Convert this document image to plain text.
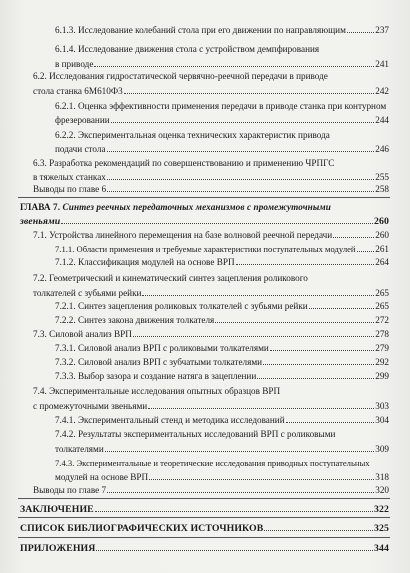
6.1.3. Исследование колебаний стола при его движении по направляющим	237
6.1.4. Исследование движения стола с устройством демпфирования
в приводе	241
6.2. Исследования гидростатической червячно-реечной передачи в приводе
стола станка 6М610Ф3	242
6.2.1. Оценка эффективности применения передачи в приводе станка при контурном
фрезеровании	244
6.2.2. Экспериментальная оценка технических характеристик привода
подачи стола	246
6.3. Разработка рекомендаций по совершенствованию и применению ЧРПГС
в тяжелых станках	255
Выводы по главе 6	258
ГЛАВА 7. Синтез реечных передаточных механизмов с промежуточными
звеньями	260
7.1. Устройства линейного перемещения на базе волновой реечной передачи	260
7.1.1. Области применения и требуемые характеристики поступательных модулей 261
7.1.2. Классификация модулей на основе ВРП	264
7.2. Геометрический и кинематический синтез зацепления роликового
толкателей с зубьями рейки	265
7.2.1. Синтез зацепления роликовых толкателей с зубьями рейки	265
7.2.2. Синтез закона движения толкателя	272
7.3. Силовой анализ ВРП	278
7.3.1. Силовой анализ ВРП с роликовыми толкателями	279
7.3.2. Силовой анализ ВРП с зубчатыми толкателями	292
7.3.3. Выбор зазора и создание натяга в зацеплении	299
7.4. Экспериментальные исследования опытных образцов ВРП
с промежуточными звеньями	303
7.4.1. Экспериментальный стенд и методика исследований	304
7.4.2. Результаты экспериментальных исследований ВРП с роликовыми
толкателями	309
7.4.3. Экспериментальные и теоретические исследования приводных поступательных
модулей на основе ВРП	318
Выводы по главе 7	320
ЗАКЛЮЧЕНИЕ	322
СПИСОК БИБЛИОГРАФИЧЕСКИХ ИСТОЧНИКОВ	325
ПРИЛОЖЕНИЯ	344
